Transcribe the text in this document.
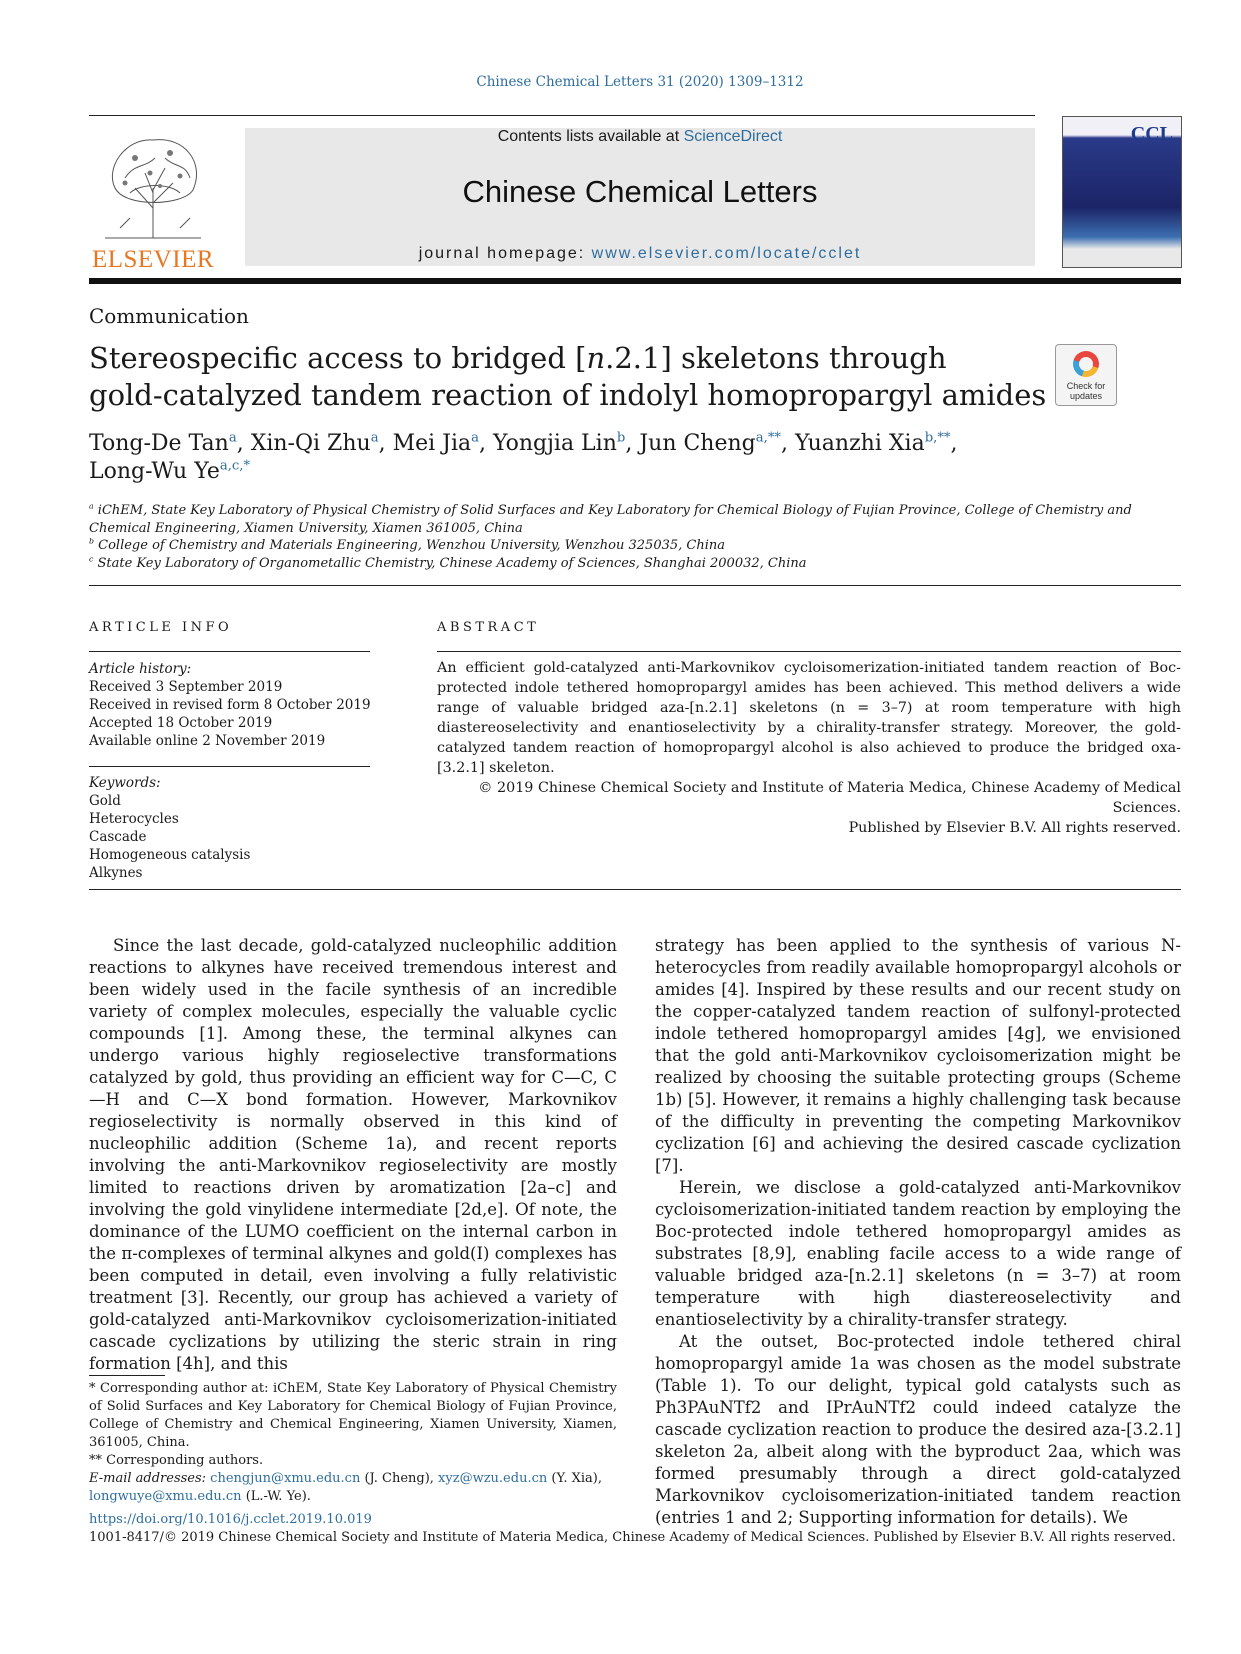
Chinese Chemical Letters 31 (2020) 1309–1312
ELSEVIER
Contents lists available at ScienceDirect
Chinese Chemical Letters
journal homepage: www.elsevier.com/locate/cclet
CCL
Communication
Stereospecific access to bridged [n.2.1] skeletons through
gold-catalyzed tandem reaction of indolyl homopropargyl amides	Check for updates
Tong-De Tan$^a$, Xin-Qi Zhu$^a$, Mei Jia$^a$, Yongjia Lin$^b$, Jun Cheng$^{a,**}$, Yuanzhi Xia$^{b,**}$,
Long-Wu $Ye^{a,c,*}$
$^a$ iChEM, State Key Laboratory of Physical Chemistry of Solid Surfaces and Key Laboratory for Chemical Biology of Fujian Province, College of Chemistry and Chemical Engineering, Xiamen University, Xiamen 361005, China
$^b$ College of Chemistry and Materials Engineering, Wenzhou University, Wenzhou 325035, China
$^c$ State Key Laboratory of Organometallic Chemistry, Chinese Academy of Sciences, Shanghai 200032, China
ARTICLE INFO	ABSTRACT
Article history:
Received 3 September 2019
Received in revised form 8 October 2019
Accepted 18 October 2019
Available online 2 November 2019
Keywords:
Gold
Heterocycles
Cascade
Homogeneous catalysis
Alkynes
An efficient gold-catalyzed anti-Markovnikov cycloisomerization-initiated tandem reaction of Boc-protected indole tethered homopropargyl amides has been achieved. This method delivers a wide range of valuable bridged aza-[n.2.1] skeletons (n = 3–7) at room temperature with high diastereoselectivity and enantioselectivity by a chirality-transfer strategy. Moreover, the gold-catalyzed tandem reaction of homopropargyl alcohol is also achieved to produce the bridged oxa-[3.2.1] skeleton.
© 2019 Chinese Chemical Society and Institute of Materia Medica, Chinese Academy of Medical Sciences.
Published by Elsevier B.V. All rights reserved.

Since the last decade, gold-catalyzed nucleophilic addition reactions to alkynes have received tremendous interest and been widely used in the facile synthesis of an incredible variety of complex molecules, especially the valuable cyclic compounds [1]. Among these, the terminal alkynes can undergo various highly regioselective transformations catalyzed by gold, thus providing an efficient way for C—C, C—H and C—X bond formation. However, Markovnikov regioselectivity is normally observed in this kind of nucleophilic addition (Scheme 1a), and recent reports involving the anti-Markovnikov regioselectivity are mostly limited to reactions driven by aromatization [2a–c] and involving the gold vinylidene intermediate [2d,e]. Of note, the dominance of the LUMO coefficient on the internal carbon in the π-complexes of terminal alkynes and gold(I) complexes has been computed in detail, even involving a fully relativistic treatment [3]. Recently, our group has achieved a variety of gold-catalyzed anti-Markovnikov cycloisomerization-initiated cascade cyclizations by utilizing the steric strain in ring formation [4h], and this

strategy has been applied to the synthesis of various N-heterocycles from readily available homopropargyl alcohols or amides [4]. Inspired by these results and our recent study on the copper-catalyzed tandem reaction of sulfonyl-protected indole tethered homopropargyl amides [4g], we envisioned that the gold anti-Markovnikov cycloisomerization might be realized by choosing the suitable protecting groups (Scheme 1b) [5]. However, it remains a highly challenging task because of the difficulty in preventing the competing Markovnikov cyclization [6] and achieving the desired cascade cyclization [7].

Herein, we disclose a gold-catalyzed anti-Markovnikov cycloisomerization-initiated tandem reaction by employing the Boc-protected indole tethered homopropargyl amides as substrates [8,9], enabling facile access to a wide range of valuable bridged aza-[n.2.1] skeletons (n = 3–7) at room temperature with high diastereoselectivity and enantioselectivity by a chirality-transfer strategy.

At the outset, Boc-protected indole tethered chiral homopropargyl amide 1a was chosen as the model substrate (Table 1). To our delight, typical gold catalysts such as Ph3PAuNTf2 and IPrAuNTf2 could indeed catalyze the cascade cyclization reaction to produce the desired aza-[3.2.1] skeleton 2a, albeit along with the byproduct 2aa, which was formed presumably through a direct gold-catalyzed Markovnikov cycloisomerization-initiated tandem reaction (entries 1 and 2; Supporting information for details). We

* Corresponding author at: iChEM, State Key Laboratory of Physical Chemistry of Solid Surfaces and Key Laboratory for Chemical Biology of Fujian Province, College of Chemistry and Chemical Engineering, Xiamen University, Xiamen, 361005, China.
** Corresponding authors.
E-mail addresses: chengjun@xmu.edu.cn (J. Cheng), xyz@wzu.edu.cn (Y. Xia),
longwuye@xmu.edu.cn (L.-W. Ye).
https://doi.org/10.1016/j.cclet.2019.10.019
1001-8417/© 2019 Chinese Chemical Society and Institute of Materia Medica, Chinese Academy of Medical Sciences. Published by Elsevier B.V. All rights reserved.
